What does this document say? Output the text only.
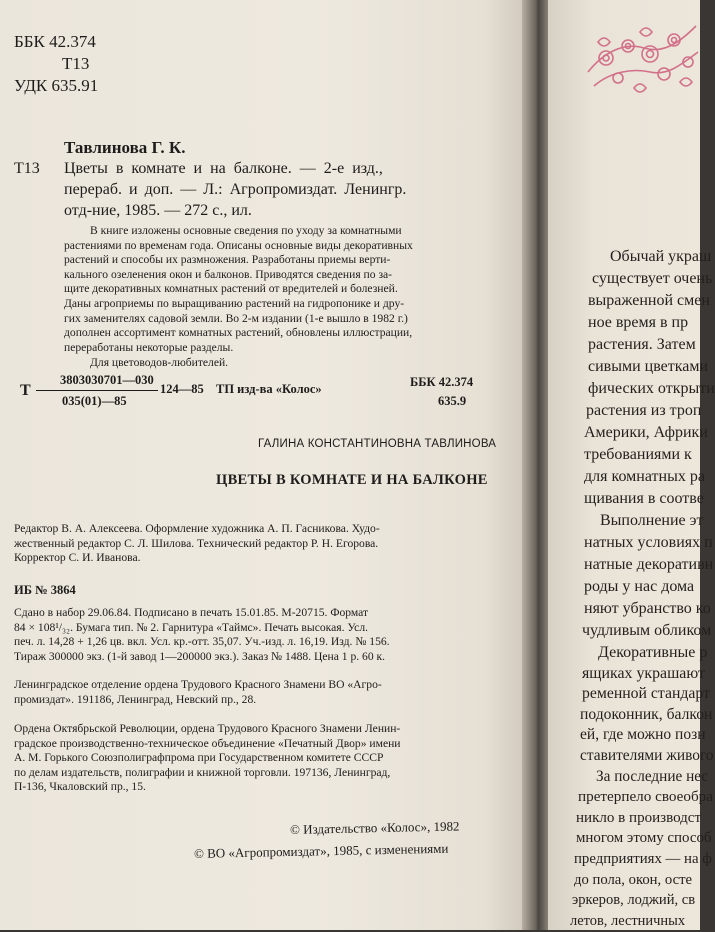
ББК 42.374
Т13
УДК 635.91
Тавлинова Г. К.
Т13 Цветы в комнате и на балконе. — 2-е изд.,
перераб. и доп. — Л.: Агропромиздат. Ленингр.
отд-ние, 1985. — 272 с., ил.
В книге изложены основные сведения по уходу за комнатными
растениями по временам года. Описаны основные виды декоративных
растений и способы их размножения. Разработаны приемы верти-
кального озеленения окон и балконов. Приводятся сведения по за-
щите декоративных комнатных растений от вредителей и болезней.
Даны агроприемы по выращиванию растений на гидропонике и дру-
гих заменителях садовой земли. Во 2-м издании (1-е вышло в 1982 г.)
дополнен ассортимент комнатных растений, обновлены иллюстрации,
переработаны некоторые разделы.
Для цветоводов-любителей.
Т
3803030701—030
035(01)—85
124—85 ТП изд-ва «Колос»	ББК 42.374
635.9
ГАЛИНА КОНСТАНТИНОВНА ТАВЛИНОВА
ЦВЕТЫ В КОМНАТЕ И НА БАЛКОНЕ
Редактор В. А. Алексеева. Оформление художника А. П. Гасникова. Худо-
жественный редактор С. Л. Шилова. Технический редактор Р. Н. Егорова.
Корректор С. И. Иванова.
ИБ № 3864
Сдано в набор 29.06.84. Подписано в печать 15.01.85. М-20715. Формат
84 × 108¹/₃₂. Бумага тип. № 2. Гарнитура «Таймс». Печать высокая. Усл.
печ. л. 14,28 + 1,26 цв. вкл. Усл. кр.-отт. 35,07. Уч.-изд. л. 16,19. Изд. № 156.
Тираж 300000 экз. (1-й завод 1—200000 экз.). Заказ № 1488. Цена 1 р. 60 к.
Ленинградское отделение ордена Трудового Красного Знамени ВО «Агро-
промиздат». 191186, Ленинград, Невский пр., 28.
Ордена Октябрьской Революции, ордена Трудового Красного Знамени Ленин-
градское производственно-техническое объединение «Печатный Двор» имени
А. М. Горького Союзполиграфпрома при Государственном комитете СССР
по делам издательств, полиграфии и книжной торговли. 197136, Ленинград,
П-136, Чкаловский пр., 15.
© Издательство «Колос», 1982
© ВО «Агропромиздат», 1985, с изменениями
Обычай украш
существует очень
выраженной смен
ное время в пр
растения. Затем
сивыми цветками
фических открыти
растения из троп
Америки, Африки
требованиями к
для комнатных ра
щивания в соотве
Выполнение эт
натных условиях п
натные декоративн
роды у нас дома
няют убранство ко
чудливым обликом
Декоративные р
ящиках украшают
ременной стандарт
подоконник, балкон
ей, где можно позн
ставителями живого
За последние нес
претерпело своеобра
никло в производст
многом этому способ
предприятиях — на ф
до пола, окон, осте
эркеров, лоджий, св
летов, лестничных
